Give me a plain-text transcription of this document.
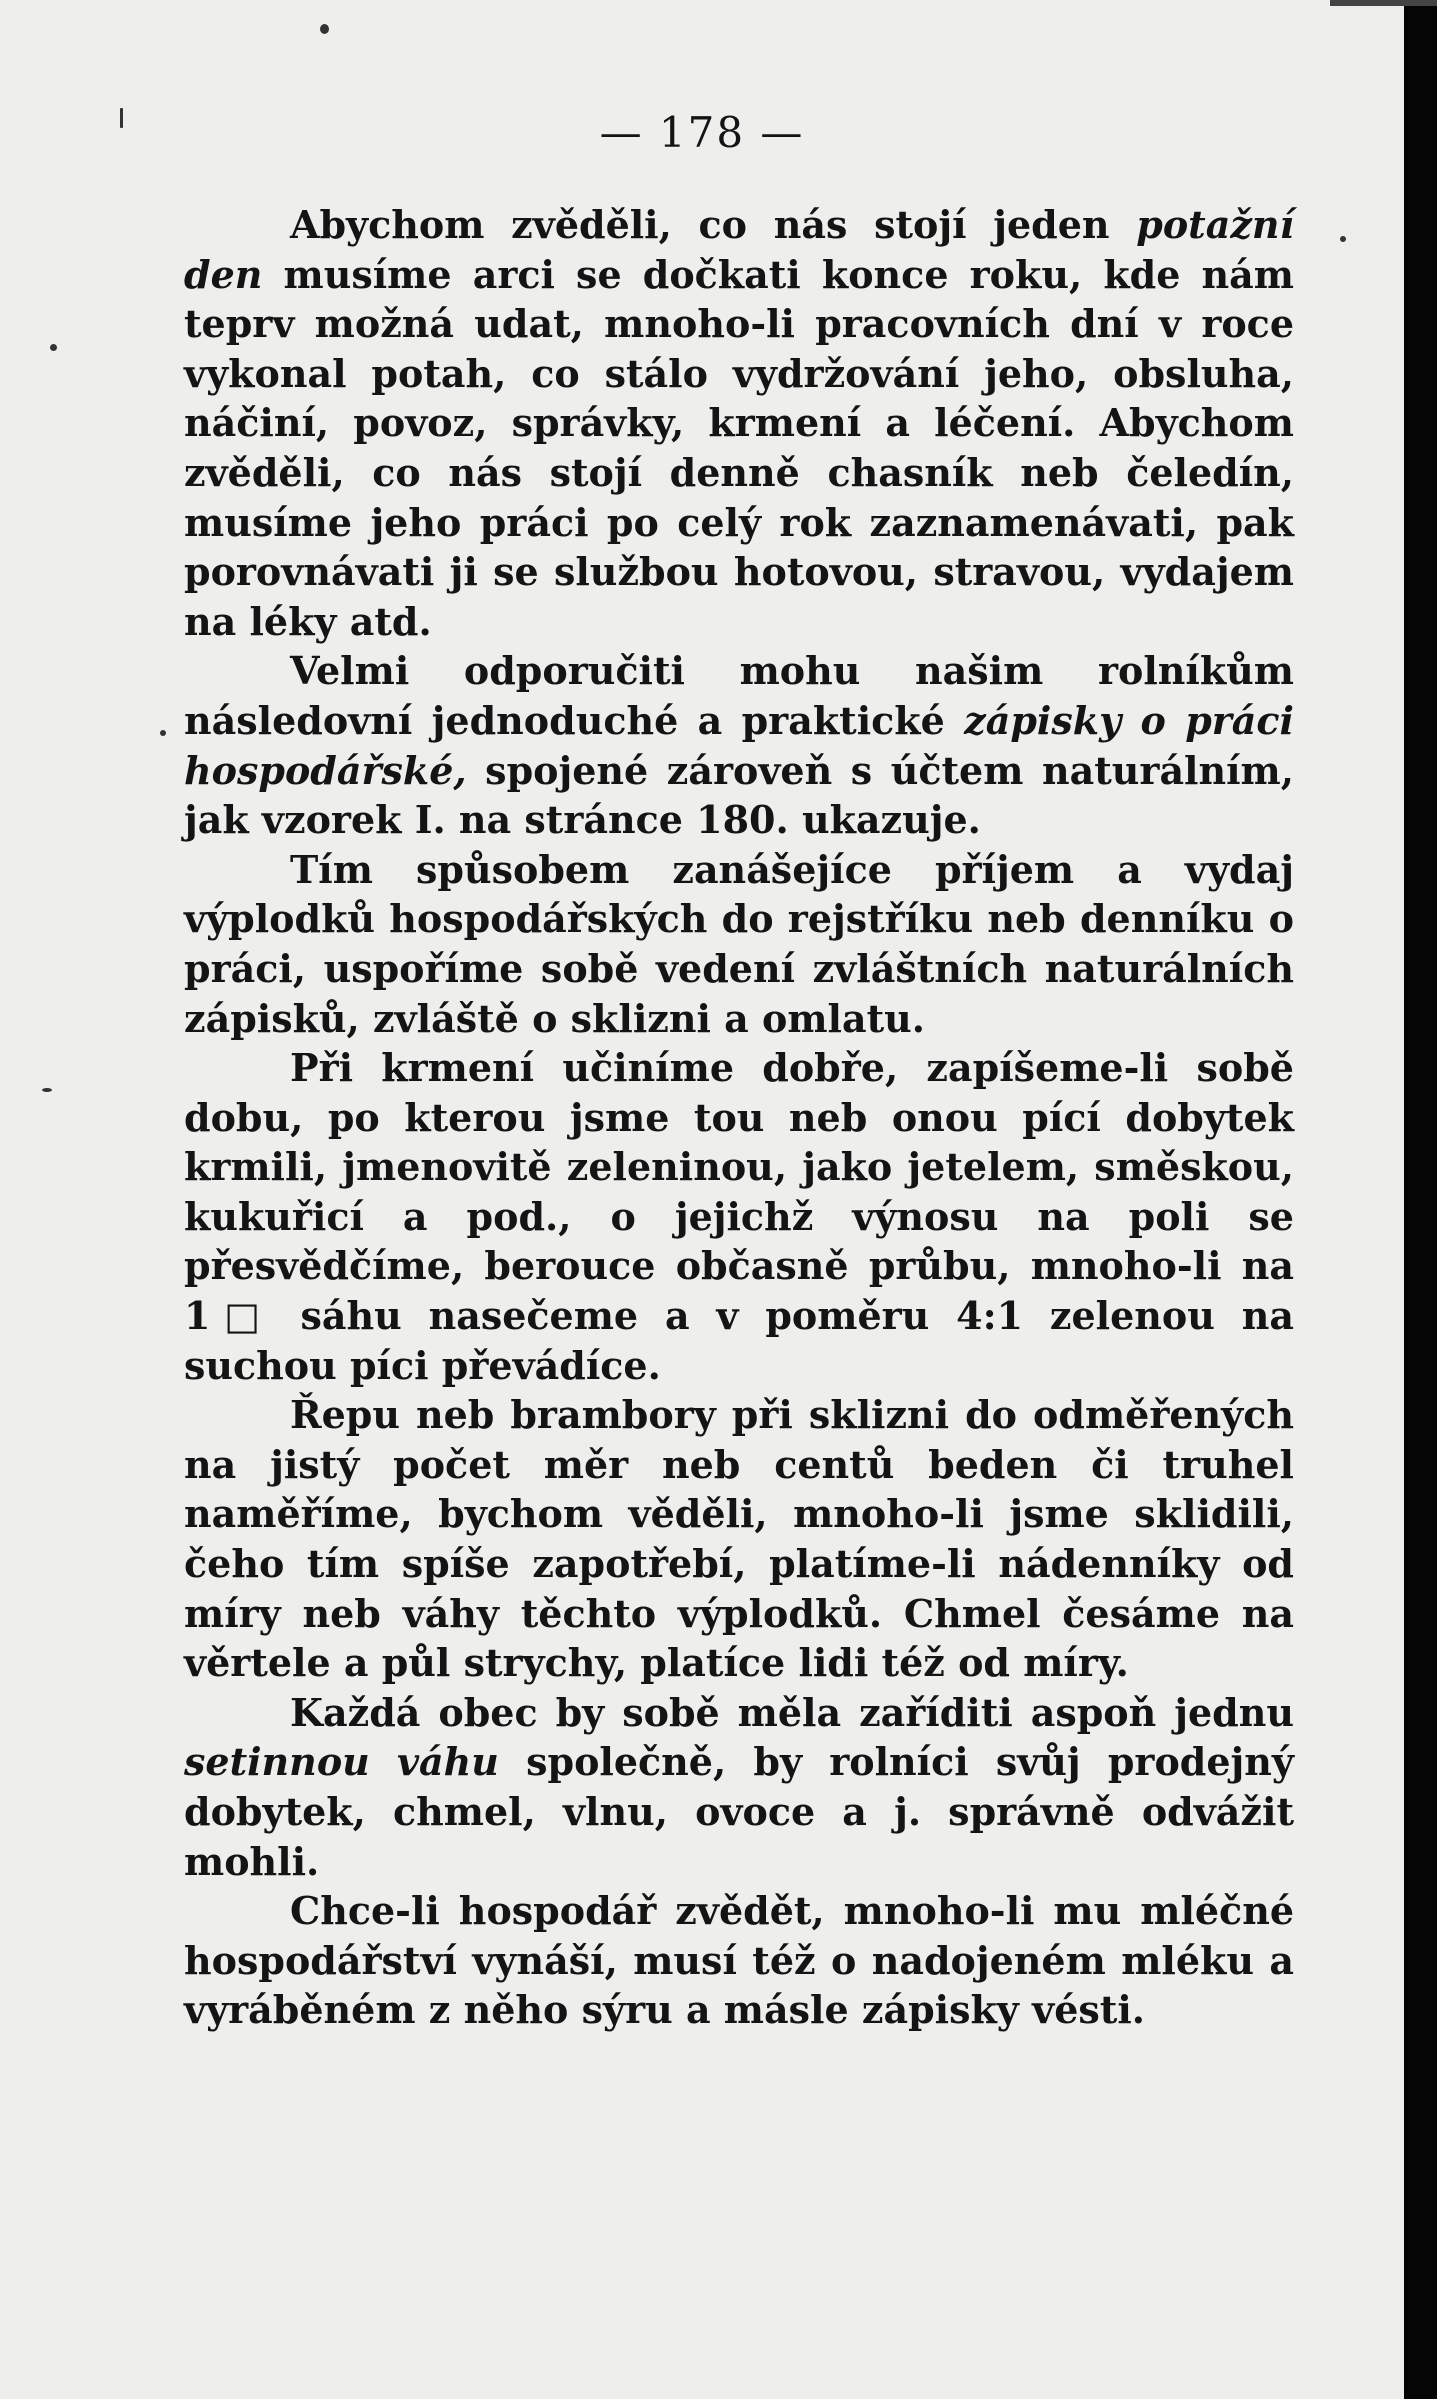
— 178 —

Abychom zvěděli, co nás stojí jeden potažní den musíme arci se dočkati konce roku, kde nám teprv možná udat, mnoho-li pracovních dní v roce vykonal potah, co stálo vydržování jeho, obsluha, náčiní, povoz, správky, krmení a léčení. Abychom zvěděli, co nás stojí denně chasník neb čeledín, musíme jeho práci po celý rok zaznamenávati, pak porovnávati ji se službou hotovou, stravou, vydajem na léky atd.

Velmi odporučiti mohu našim rolníkům následovní jednoduché a praktické zápisky o práci hospodářské, spojené zároveň s účtem naturálním, jak vzorek I. na stránce 180. ukazuje.

Tím spůsobem zanášejíce příjem a vydaj výplodků hospodářských do rejstříku neb denníku o práci, uspoříme sobě vedení zvláštních naturálních zápisků, zvláště o sklizni a omlatu.

Při krmení učiníme dobře, zapíšeme-li sobě dobu, po kterou jsme tou neb onou pící dobytek krmili, jmenovitě zeleninou, jako jetelem, směskou, kukuřicí a pod., o jejichž výnosu na poli se přesvědčíme, berouce občasně průbu, mnoho-li na 1□ sáhu nasečeme a v poměru 4:1 zelenou na suchou píci převádíce.

Řepu neb brambory při sklizni do odměřených na jistý počet měr neb centů beden či truhel naměříme, bychom věděli, mnoho-li jsme sklidili, čeho tím spíše zapotřebí, platíme-li nádenníky od míry neb váhy těchto výplodků. Chmel česáme na věrtele a půl strychy, platíce lidi též od míry.

Každá obec by sobě měla zaříditi aspoň jednu setinnou váhu společně, by rolníci svůj prodejný dobytek, chmel, vlnu, ovoce a j. správně odvážit mohli.

Chce-li hospodář zvědět, mnoho-li mu mléčné hospodářství vynáší, musí též o nadojeném mléku a vyráběném z něho sýru a másle zápisky vésti.
